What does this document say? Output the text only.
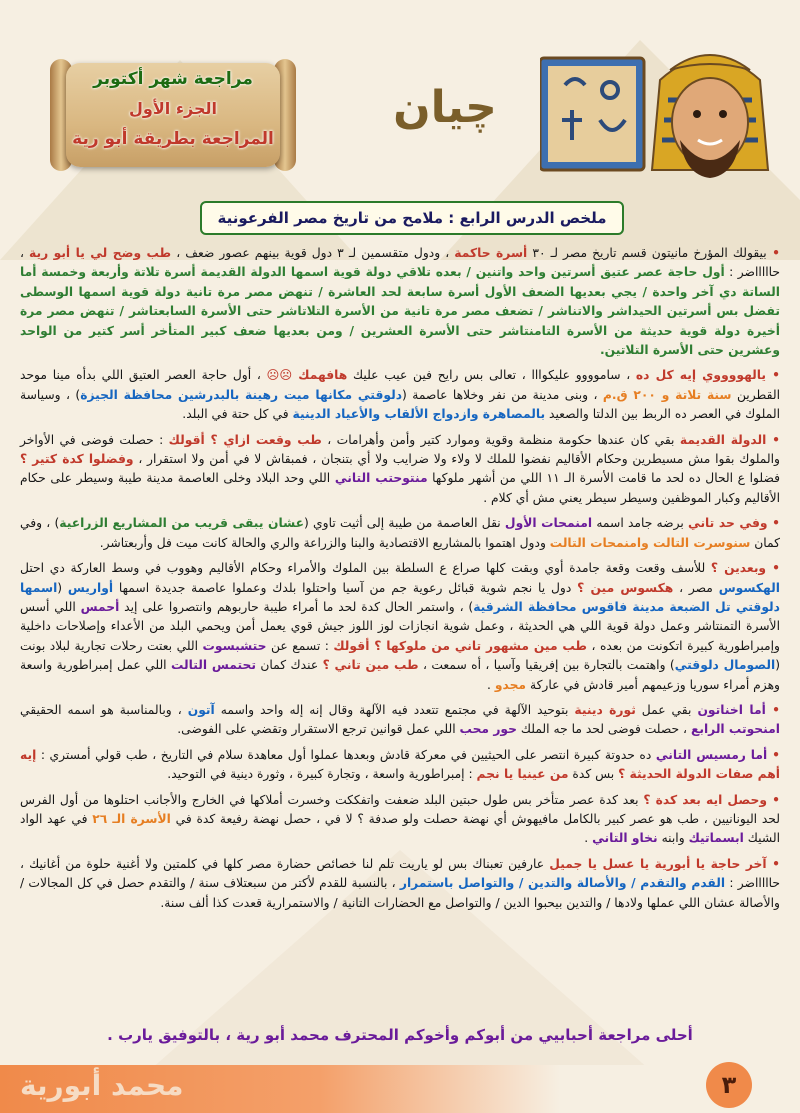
مراجعة شهر أكتوبر
الجزء الأول
المراجعة بطريقة أبو رية
چيان
ملخص الدرس الرابع : ملامح من تاريخ مصر الفرعونية

• بيقولك المؤرخ مانيتون قسم تاريخ مصر لـ ٣٠ أسرة حاكمة ، ودول متقسمين لـ ٣ دول قوية بينهم عصور ضعف ، طب وضح لي يا أبو رية ، حاااااضر : أول حاجة عصر عتيق أسرتين واحد واتنين / بعده تلاقي دولة قوية اسمها الدولة القديمة أسرة تلاتة وأربعة وخمسة أما الساتة دي آخر واحدة / يجي بعديها الضعف الأول أسرة سابعة لحد العاشرة / تنهض مصر مرة تانية دولة قوية اسمها الوسطى تفضل بس أسرتين الحيداشر والاتناشر / تضعف مصر مرة تانية من الأسرة التلاتاشر حتى الأسرة السابعتاشر / تنهض مصر مرة أخيرة دولة قوية حديثة من الأسرة التامنتاشر حتى الأسرة العشرين / ومن بعديها ضعف كبير المتأخر أسر كتير من الواحد وعشرين حتى الأسرة التلاتين.

• يالهووووي إيه كل ده ، ساموووو عليكوااا ، تعالى بس رايح فين عيب عليك هافهمك ☹☹ ، أول حاجة العصر العتيق اللي بدأه مينا موحد القطرين سنة تلاتة و ٢٠٠ ق.م ، وبنى مدينة من نفر وخلاها عاصمة (دلوقتي مكانها ميت رهينة بالبدرشين محافظة الجيزة) ، وسياسة الملوك في العصر ده الربط بين الدلتا والصعيد بالمصاهرة وازدواج الألقاب والأعياد الدينية في كل حتة في البلد.

• الدولة القديمة بقي كان عندها حكومة منظمة وقوية وموارد كتير وأمن وأهرامات ، طب وقعت ازاي ؟ أقولك : حصلت فوضى في الأواخر والملوك بقوا مش مسيطرين وحكام الأقاليم نفضوا للملك لا ولاء ولا ضرايب ولا أي بتنجان ، فمبقاش لا في أمن ولا استقرار ، وفضلوا كدة كتير ؟ فضلوا ع الحال ده لحد ما قامت الأسرة الـ ١١ اللي من أشهر ملوكها منتوحتب التاني اللي وحد البلاد وخلى العاصمة مدينة طيبة وسيطر على حكام الأقاليم وكبار الموظفين وسيطر سيطر يعني مش أي كلام .

• وفي حد تاني برضه جامد اسمه امنمحات الأول نقل العاصمة من طيبة إلى أثيت تاوي (عشان يبقى قريب من المشاريع الزراعية) ، وفي كمان سنوسرت التالت وامنمحات التالت ودول اهتموا بالمشاريع الاقتصادية والبنا والزراعة والري والحالة كانت ميت فل وأربعتاشر.

• وبعدين ؟ للأسف وقعت وقعة جامدة أوي وبقت كلها صراع ع السلطة بين الملوك والأمراء وحكام الأقاليم وهووب في وسط العاركة دي احتل الهكسوس مصر ، هكسوس مين ؟ دول يا نجم شوية قبائل رعوية جم من آسيا واحتلوا بلدك وعملوا عاصمة جديدة اسمها أواريس (اسمها دلوقتي تل الضبعة مدينة فاقوس محافظة الشرقية) ، واستمر الحال كدة لحد ما أمراء طيبة حاربوهم وانتصروا على إيد أحمس اللي أسس الأسرة التمنتاشر وعمل دولة قوية اللي هي الحديثة ، وعمل شوية انجازات لوز اللوز جيش قوي يعمل أمن ويحمي البلد من الأعداء وإصلاحات داخلية وإمبراطورية كبيرة اتكونت من بعده ، طب مين مشهور تاني من ملوكها ؟ أقولك : تسمع عن حتشبسوت اللي بعتت رحلات تجارية لبلاد بونت (الصومال دلوقتي) واهتمت بالتجارة بين إفريقيا وآسيا ، أه سمعت ، طب مين تاني ؟ عندك كمان تحتمس التالت اللي عمل إمبراطورية واسعة وهزم أمراء سوريا وزعيمهم أمير قادش في عاركة مجدو .

• أما اخناتون بقي عمل ثورة دينية بتوحيد الآلهة في مجتمع تتعدد فيه الآلهة وقال إنه إله واحد واسمه آتون ، وبالمناسبة هو اسمه الحقيقي امنحوتب الرابع ، حصلت فوضى لحد ما جه الملك حور محب اللي عمل قوانين ترجع الاستقرار وتقضي على الفوضى.

• أما رمسيس التاني ده حدوتة كبيرة انتصر على الحيثيين في معركة قادش وبعدها عملوا أول معاهدة سلام في التاريخ ، طب قولي أمستري : إيه أهم صفات الدولة الحديثة ؟ بس كدة من عينيا يا نجم : إمبراطورية واسعة ، وتجارة كبيرة ، وثورة دينية في التوحيد.

• وحصل ايه بعد كدة ؟ بعد كدة عصر متأخر بس طول حبتين البلد ضعفت واتفككت وخسرت أملاكها في الخارج والأجانب احتلوها من أول الفرس لحد اليونانيين ، طب هو عصر كبير بالكامل مافيهوش أي نهضة حصلت ولو صدفة ؟ لا في ، حصل نهضة رفيعة كدة في الأسرة الـ ٢٦ في عهد الواد الشيك ابسماتيك وابنه نخاو التاني .

• آخر حاجة يا أبورية يا عسل يا جميل عارفين تعبناك بس لو ياريت تلم لنا خصائص حضارة مصر كلها في كلمتين ولا أغنية حلوة من أغانيك ، حاااااضر : القدم والتقدم / والأصالة والتدين / والتواصل باستمرار ، بالنسبة للقدم لأكتر من سبعتلاف سنة / والتقدم حصل في كل المجالات / والأصالة عشان اللي عملها ولادها / والتدين بيحبوا الدين / والتواصل مع الحضارات التانية / والاستمرارية قعدت كذا ألف سنة.

أحلى مراجعة أحبابيي من أبوكم وأخوكم المحترف محمد أبو رية ، بالتوفيق يارب .
محمد أبورية	٣
